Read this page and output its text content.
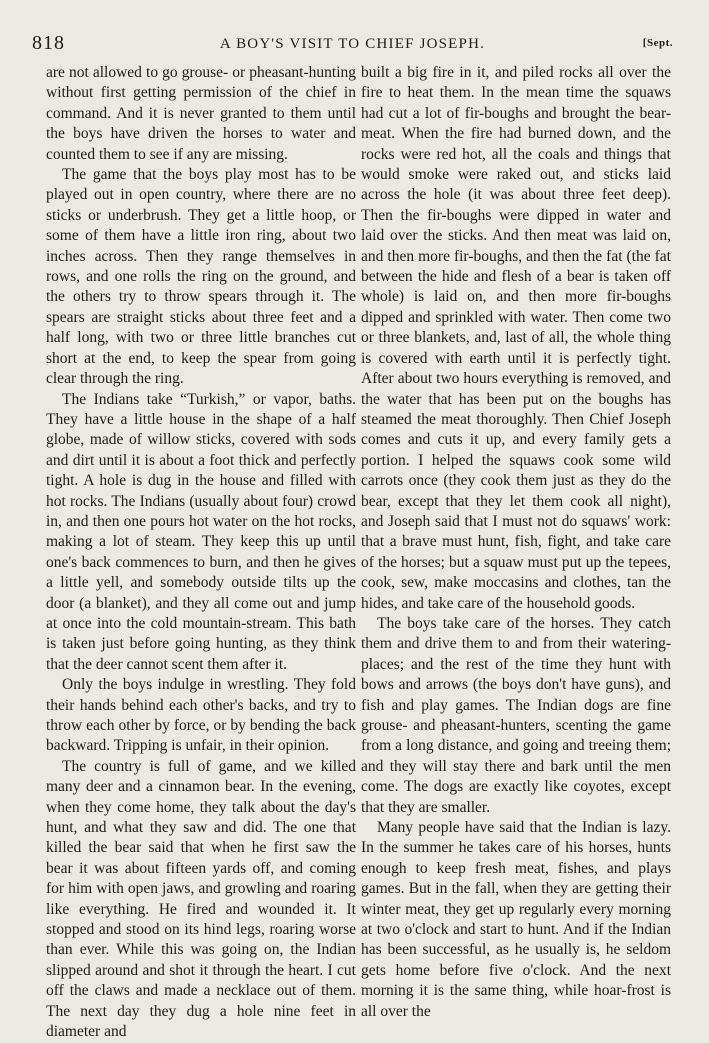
818	A BOY'S VISIT TO CHIEF JOSEPH.	[Sept.

are not allowed to go grouse- or pheasant-hunting without first getting permission of the chief in command. And it is never granted to them until the boys have driven the horses to water and counted them to see if any are missing.

The game that the boys play most has to be played out in open country, where there are no sticks or underbrush. They get a little hoop, or some of them have a little iron ring, about two inches across. Then they range themselves in rows, and one rolls the ring on the ground, and the others try to throw spears through it. The spears are straight sticks about three feet and a half long, with two or three little branches cut short at the end, to keep the spear from going clear through the ring.

The Indians take “Turkish,” or vapor, baths. They have a little house in the shape of a half globe, made of willow sticks, covered with sods and dirt until it is about a foot thick and perfectly tight. A hole is dug in the house and filled with hot rocks. The Indians (usually about four) crowd in, and then one pours hot water on the hot rocks, making a lot of steam. They keep this up until one's back commences to burn, and then he gives a little yell, and somebody outside tilts up the door (a blanket), and they all come out and jump at once into the cold mountain-stream. This bath is taken just before going hunting, as they think that the deer cannot scent them after it.

Only the boys indulge in wrestling. They fold their hands behind each other's backs, and try to throw each other by force, or by bending the back backward. Tripping is unfair, in their opinion.

The country is full of game, and we killed many deer and a cinnamon bear. In the evening, when they come home, they talk about the day's hunt, and what they saw and did. The one that killed the bear said that when he first saw the bear it was about fifteen yards off, and coming for him with open jaws, and growling and roaring like everything. He fired and wounded it. It stopped and stood on its hind legs, roaring worse than ever. While this was going on, the Indian slipped around and shot it through the heart. I cut off the claws and made a necklace out of them. The next day they dug a hole nine feet in diameter and

built a big fire in it, and piled rocks all over the fire to heat them. In the mean time the squaws had cut a lot of fir-boughs and brought the bear-meat. When the fire had burned down, and the rocks were red hot, all the coals and things that would smoke were raked out, and sticks laid across the hole (it was about three feet deep). Then the fir-boughs were dipped in water and laid over the sticks. And then meat was laid on, and then more fir-boughs, and then the fat (the fat between the hide and flesh of a bear is taken off whole) is laid on, and then more fir-boughs dipped and sprinkled with water. Then come two or three blankets, and, last of all, the whole thing is covered with earth until it is perfectly tight. After about two hours everything is removed, and the water that has been put on the boughs has steamed the meat thoroughly. Then Chief Joseph comes and cuts it up, and every family gets a portion. I helped the squaws cook some wild carrots once (they cook them just as they do the bear, except that they let them cook all night), and Joseph said that I must not do squaws' work: that a brave must hunt, fish, fight, and take care of the horses; but a squaw must put up the tepees, cook, sew, make moccasins and clothes, tan the hides, and take care of the household goods.

The boys take care of the horses. They catch them and drive them to and from their watering-places; and the rest of the time they hunt with bows and arrows (the boys don't have guns), and fish and play games. The Indian dogs are fine grouse- and pheasant-hunters, scenting the game from a long distance, and going and treeing them; and they will stay there and bark until the men come. The dogs are exactly like coyotes, except that they are smaller.

Many people have said that the Indian is lazy. In the summer he takes care of his horses, hunts enough to keep fresh meat, fishes, and plays games. But in the fall, when they are getting their winter meat, they get up regularly every morning at two o'clock and start to hunt. And if the Indian has been successful, as he usually is, he seldom gets home before five o'clock. And the next morning it is the same thing, while hoar-frost is all over the
